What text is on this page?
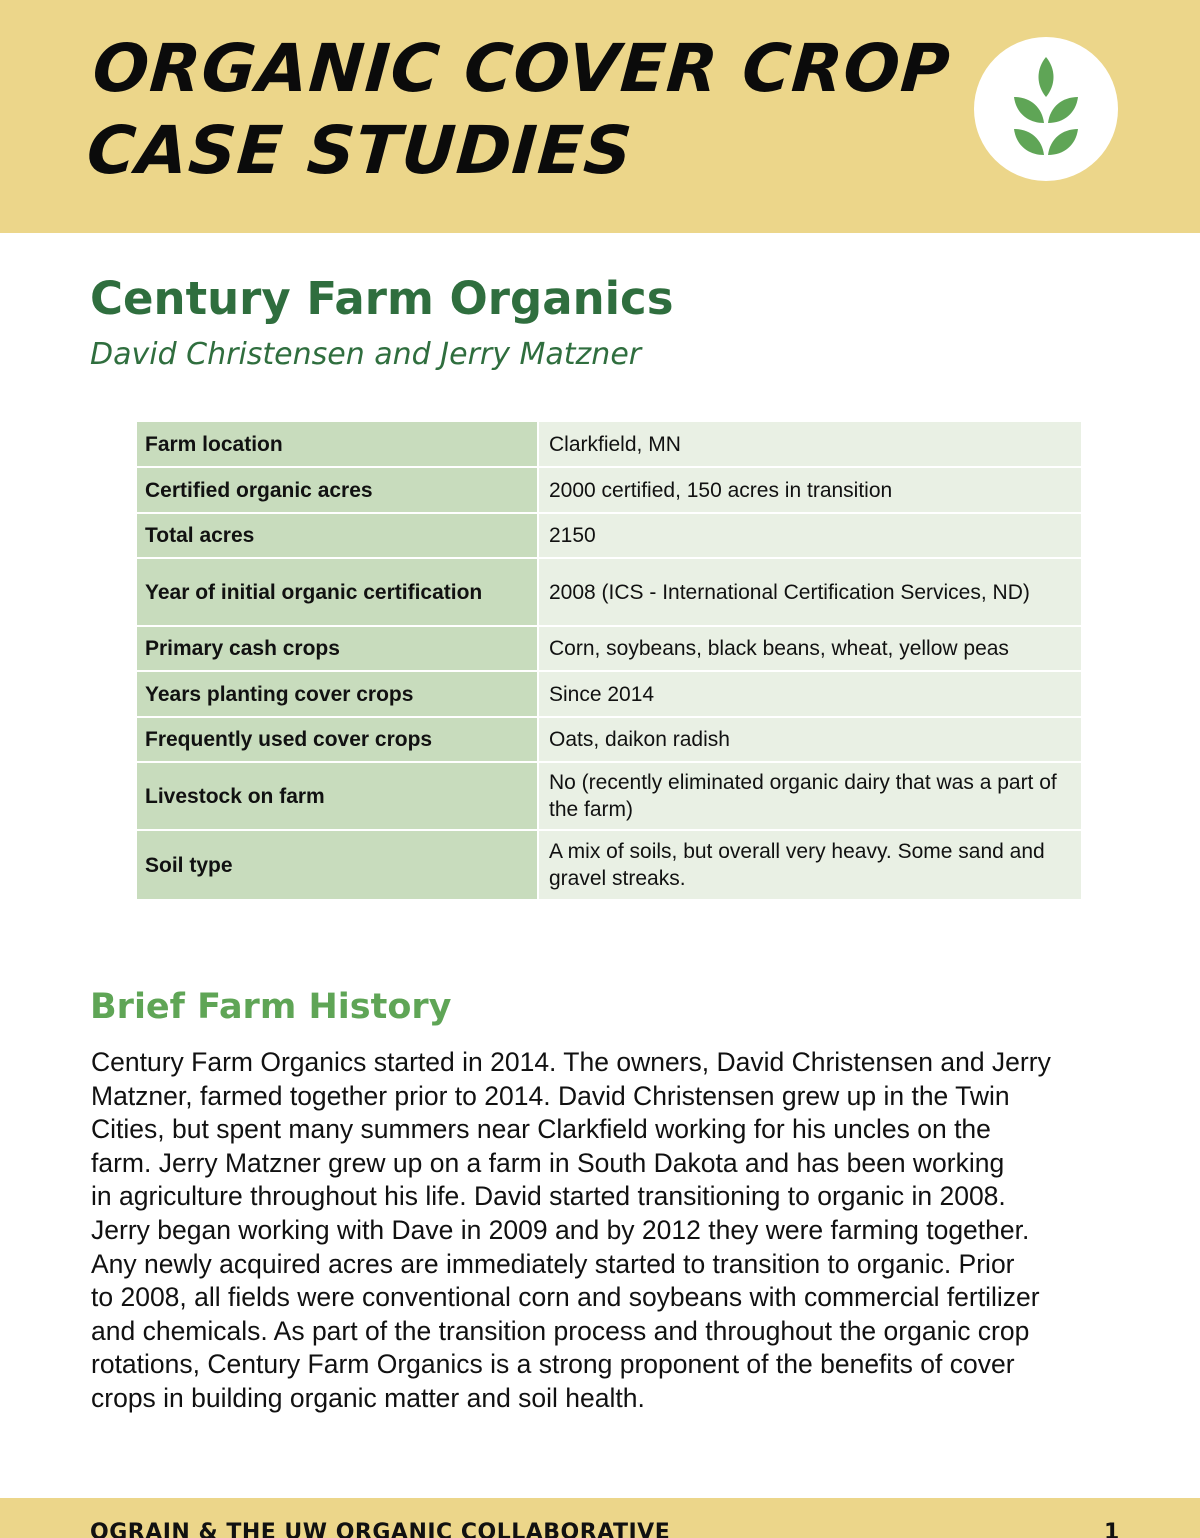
ORGANIC COVER CROP
CASE STUDIES
Century Farm Organics
David Christensen and Jerry Matzner
Farm location	Clarkfield, MN
Certified organic acres	2000 certified, 150 acres in transition
Total acres	2150
Year of initial organic certification	2008 (ICS - International Certification Services, ND)
Primary cash crops	Corn, soybeans, black beans, wheat, yellow peas
Years planting cover crops	Since 2014
Frequently used cover crops	Oats, daikon radish
Livestock on farm	No (recently eliminated organic dairy that was a part of the farm)
Soil type	A mix of soils, but overall very heavy. Some sand and gravel streaks.
Brief Farm History
Century Farm Organics started in 2014. The owners, David Christensen and Jerry
Matzner, farmed together prior to 2014. David Christensen grew up in the Twin
Cities, but spent many summers near Clarkfield working for his uncles on the
farm. Jerry Matzner grew up on a farm in South Dakota and has been working
in agriculture throughout his life. David started transitioning to organic in 2008.
Jerry began working with Dave in 2009 and by 2012 they were farming together.
Any newly acquired acres are immediately started to transition to organic. Prior
to 2008, all fields were conventional corn and soybeans with commercial fertilizer
and chemicals. As part of the transition process and throughout the organic crop
rotations, Century Farm Organics is a strong proponent of the benefits of cover
crops in building organic matter and soil health.
OGRAIN & THE UW ORGANIC COLLABORATIVE	1
